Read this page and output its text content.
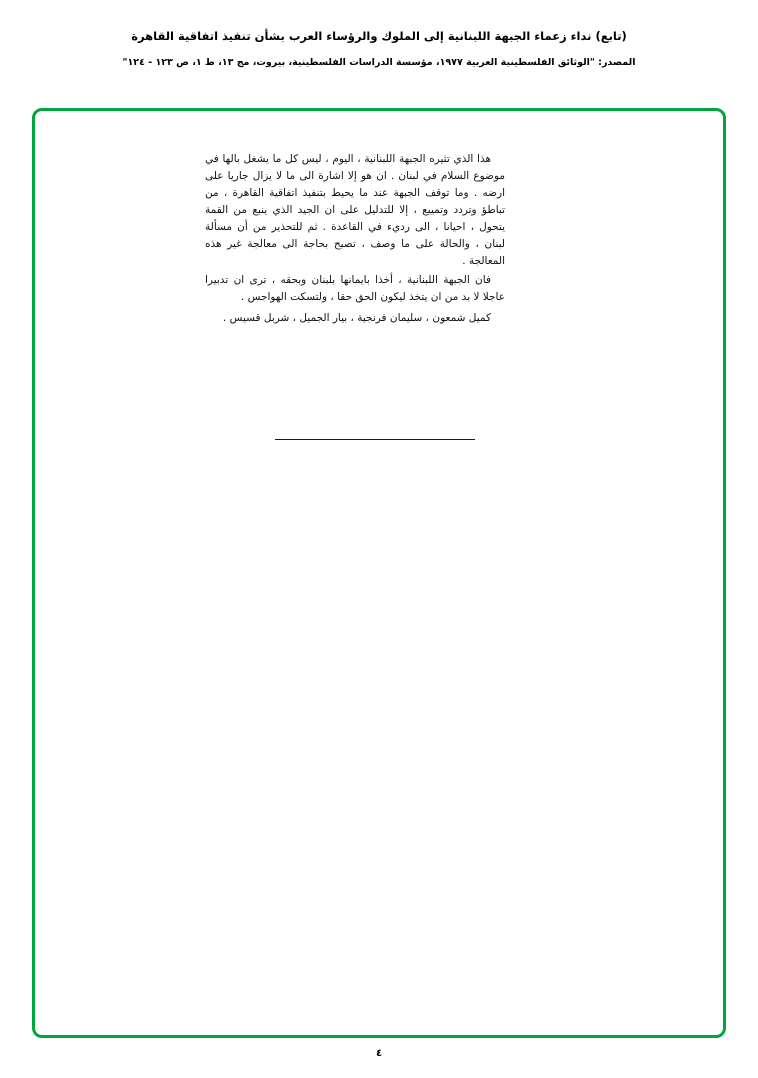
(تابع) نداء زعماء الجبهة اللبنانية إلى الملوك والرؤساء العرب بشأن تنفيذ اتفاقية القاهرة
المصدر: "الوثائق الفلسطينية العربية ١٩٧٧، مؤسسة الدراسات الفلسطينية، بيروت، مج ١٣، ط ١، ص ١٢٣ - ١٢٤"

هذا الذي تثيره الجبهة اللبنانية ، اليوم ، ليس كل ما يشغل بالها في موضوع السلام في لبنان . ان هو إلا اشارة الى ما لا يزال جاريا على ارضه . وما توقف الجبهة عند ما يحيط بتنفيذ اتفاقية القاهرة ، من تباطؤ وتردد وتمييع ، إلا للتدليل على ان الجيد الذي ينبع من القمة يتحول ، احيانا ، الى رديء في القاعدة . ثم للتحذير من أن مسألة لبنان ، والحالة على ما وصف ، تصبح بحاجة الى معالجة غير هذه المعالجة .

فان الجبهة اللبنانية ، أخذا بايمانها بلبنان وبحقه ، ترى ان تدبيرا عاجلا لا بد من ان يتخذ ليكون الحق حقا ، ولتسكت الهواجس .

كميل شمعون ، سليمان فرنجية ، بيار الجميل ، شربل قسيس .

٤
